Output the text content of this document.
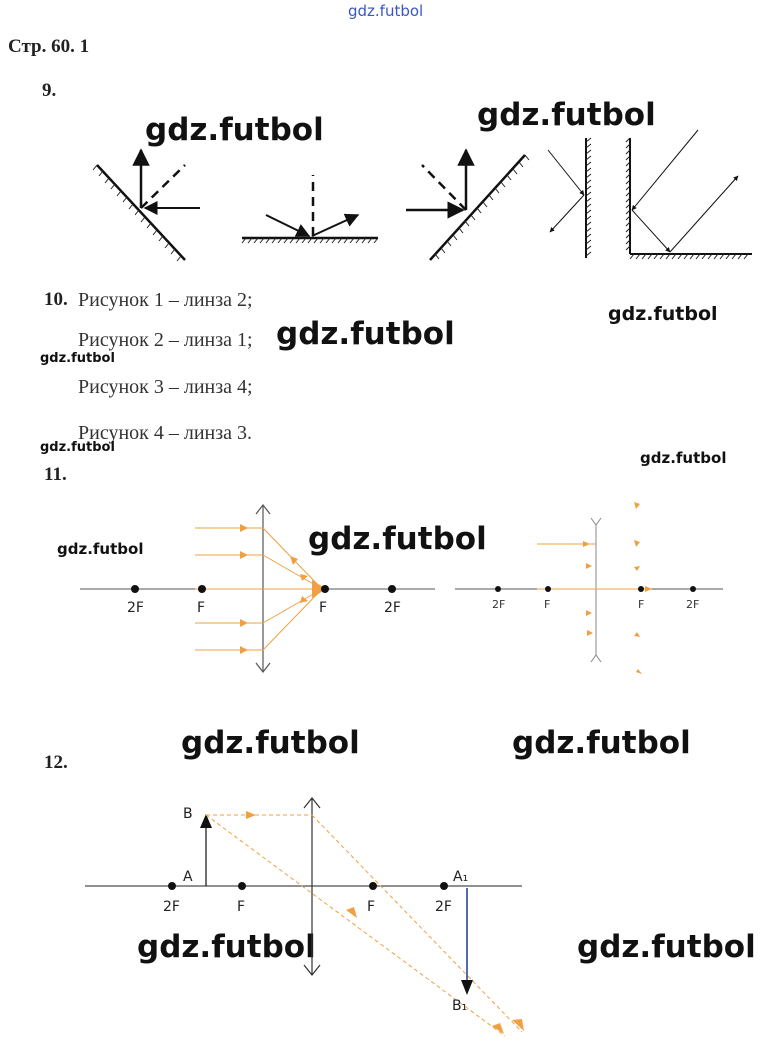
gdz.futbol
Стр. 60. 1
9.
gdz.futbol	gdz.futbol
10. Рисунок 1 – линза 2;
Рисунок 2 – линза 1;
Рисунок 3 – линза 4;
Рисунок 4 – линза 3.
gdz.futbol
gdz.futbol
gdz.futbol
gdz.futbol
11.
gdz.futbol
gdz.futbol	gdz.futbol
gdz.futbol	gdz.futbol
12.
gdz.futbol	gdz.futbol
2F	F	F	2F	2F	F	F	2F
B
A	A₁
B₁
2F	F	F	2F
